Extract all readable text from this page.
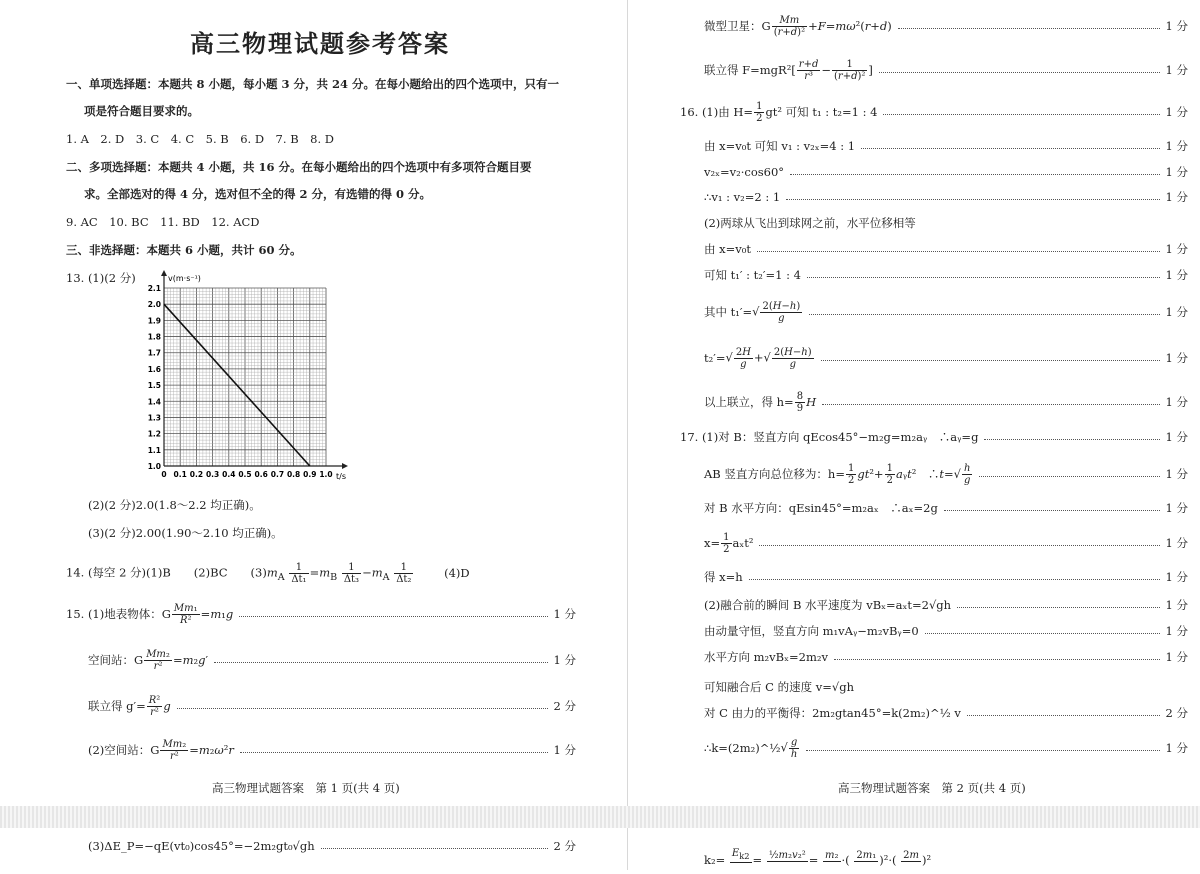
高三物理试题参考答案
一、单项选择题：本题共 8 小题，每小题 3 分，共 24 分。在每小题给出的四个选项中，只有一
项是符合题目要求的。
1. A　2. D　3. C　4. C　5. B　6. D　7. B　8. D
二、多项选择题：本题共 4 小题，共 16 分。在每小题给出的四个选项中有多项符合题目要
求。全部选对的得 4 分，选对但不全的得 2 分，有选错的得 0 分。
9. AC　10. BC　11. BD　12. ACD
三、非选择题：本题共 6 小题，共计 60 分。
13. (1)(2 分)
0 0.1 0.2 0.3 0.4 0.5 0.6 0.7 0.8 0.9 1.0
1.0
1.1
1.2
1.3
1.4
1.5
1.6
1.7
1.8
1.9
2.0
2.1
v(m·s⁻¹)
t/s
(2)(2 分)2.0(1.8～2.2 均正确)。
(3)(2 分)2.00(1.90～2.10 均正确)。
14. (每空 2 分)(1)B　　(2)BC　　$(3)m_A \frac{1}{\text{Δt₁}} =m_B \frac{1}{\text{Δt₃}} -m_A \frac{1}{\text{Δt₂}}$	(4)D
15. (1)地表物体：G $\frac{\text{Mm₁}}{\text{R²}} =m_1g$	1 分
空间站：G $\frac{\text{Mm₂}}{\text{r²}} =m_2g'$	1 分
联立得 $g'= \frac{\text{R²}}{\text{r²}}$ g	2 分
(2)空间站：G $\frac{\text{Mm₂}}{\text{r²}} =m_2\omega^2r$	1 分
高三物理试题答案　第 1 页(共 4 页)
微型卫星：G $\frac{Mm}{\text{(r+d)²}} +F=m\omega^2(r+d)$	1 分
联立得 $F=mgR^2[ \frac{r+d}{\text{r³}} - \frac{1}{\text{(r+d)²}}$ ]	1 分
16. (1)由 $H= \frac{1}{2} gt^2$ 可知 t₁ : t₂=1 : 4	1 分
由 x=v₀t 可知 v₁ : v₂ₓ=4 : 1	1 分
v₂ₓ=v₂·cos60°	1 分
∴v₁ : v₂=2 : 1	1 分
(2)两球从飞出到球网之前，水平位移相等
由 x=v₀t	1 分
可知 t₁′ : t₂′=1 : 4	1 分
其中 t₁′= √ $\frac{2(H-h)}{g}$	1 分
t₂′= √ $\frac{2H}{g}$ +√ $\frac{2(H-h)}{g}$	1 分
以上联立，得 $h= \frac{8}{9}$ H	1 分
17. (1)对 B：竖直方向 qEcos45°−m₂g=m₂aᵧ　∴aᵧ=g	1 分
AB 竖直方向总位移为：$h= \frac{1}{2} gt^2+ \frac{1}{2}$ aᵧt²　∴t=√ $\frac{h}{g}$	1 分
对 B 水平方向：qEsin45°=m₂aₓ　∴aₓ=2g	1 分
$x= \frac{1}{2} a_xt^2$	1 分
得 x=h	1 分
(2)融合前的瞬间 B 水平速度为 vBₓ=aₓt=2√gh	1 分
由动量守恒，竖直方向 m₁vAᵧ−m₂vBᵧ=0	1 分
水平方向 m₂vBₓ=2m₂v	1 分
可知融合后 C 的速度 v=√gh
对 C 由力的平衡得：2m₂gtan45°=k(2m₂)^½ v	2 分
∴k=(2m₂)^½ √ $\frac{g}{h}$	1 分
高三物理试题答案　第 2 页(共 4 页)
(3)ΔE_P=−qE(vt₀)cos45°=−2m₂gt₀√gh	2 分
$k_2= E_{k2}$
= ½m₂v₂²
= m₂
·( 2m₁
)²·( 2m
)²
